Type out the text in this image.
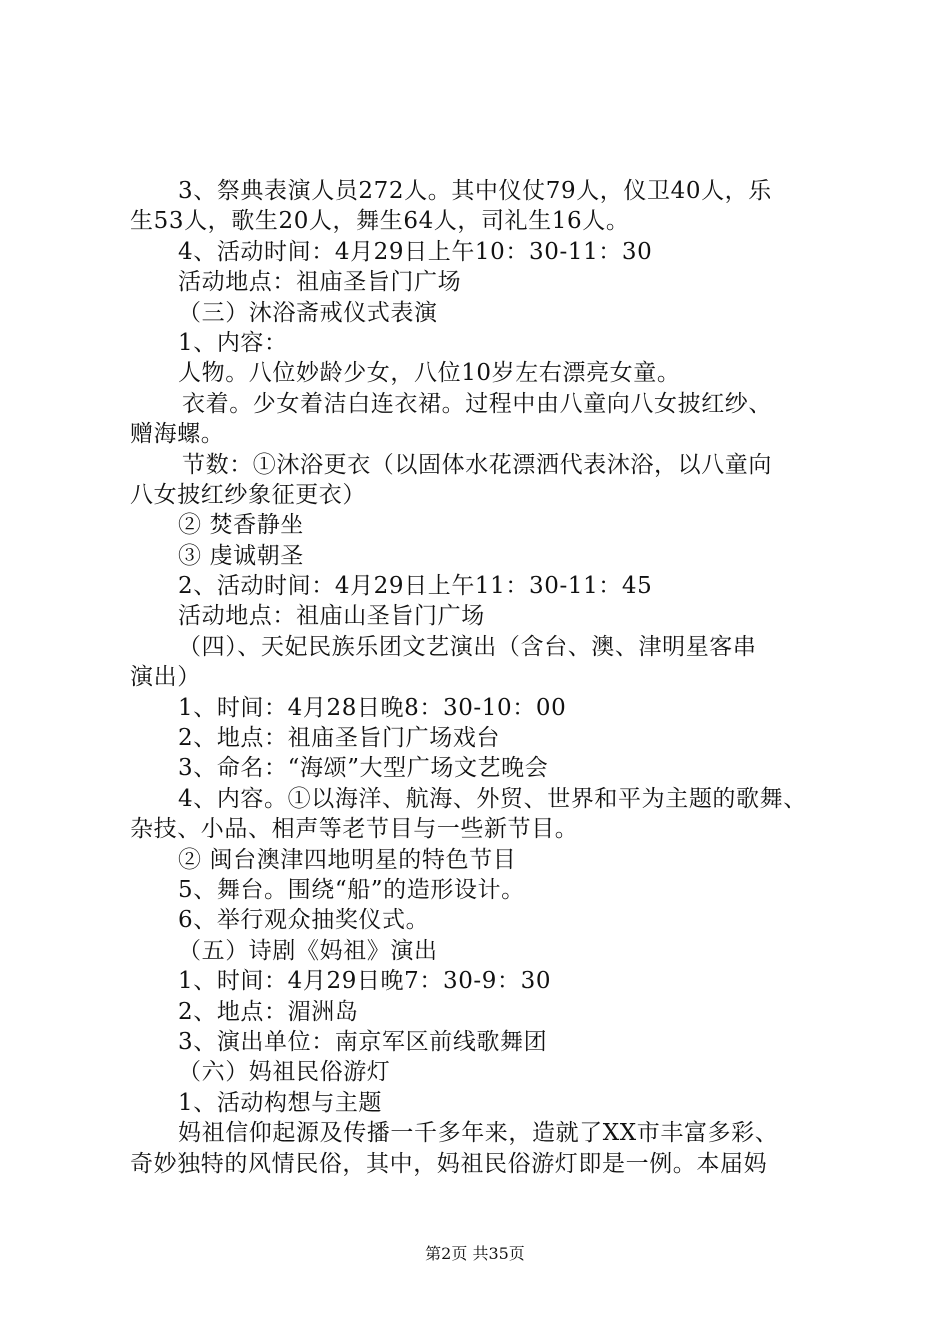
3、祭典表演人员272人。其中仪仗79人，仪卫40人，乐
生53人，歌生20人，舞生64人，司礼生16人。
4、活动时间：4月29日上午10：30-11：30
活动地点：祖庙圣旨门广场
（三）沐浴斋戒仪式表演
1、内容：
人物。八位妙龄少女，八位10岁左右漂亮女童。
衣着。少女着洁白连衣裙。过程中由八童向八女披红纱、
赠海螺。
节数：①沐浴更衣（以固体水花漂洒代表沐浴，以八童向
八女披红纱象征更衣）
② 焚香静坐
③ 虔诚朝圣
2、活动时间：4月29日上午11：30-11：45
活动地点：祖庙山圣旨门广场
（四）、天妃民族乐团文艺演出（含台、澳、津明星客串
演出）
1、时间：4月28日晚8：30-10：00
2、地点：祖庙圣旨门广场戏台
3、命名：“海颂”大型广场文艺晚会
4、内容。①以海洋、航海、外贸、世界和平为主题的歌舞、
杂技、小品、相声等老节目与一些新节目。
② 闽台澳津四地明星的特色节目
5、舞台。围绕“船”的造形设计。
6、举行观众抽奖仪式。
（五）诗剧《妈祖》演出
1、时间：4月29日晚7：30-9：30
2、地点：湄洲岛
3、演出单位：南京军区前线歌舞团
（六）妈祖民俗游灯
1、活动构想与主题
妈祖信仰起源及传播一千多年来，造就了XX市丰富多彩、
奇妙独特的风情民俗，其中，妈祖民俗游灯即是一例。本届妈
第2页 共35页
